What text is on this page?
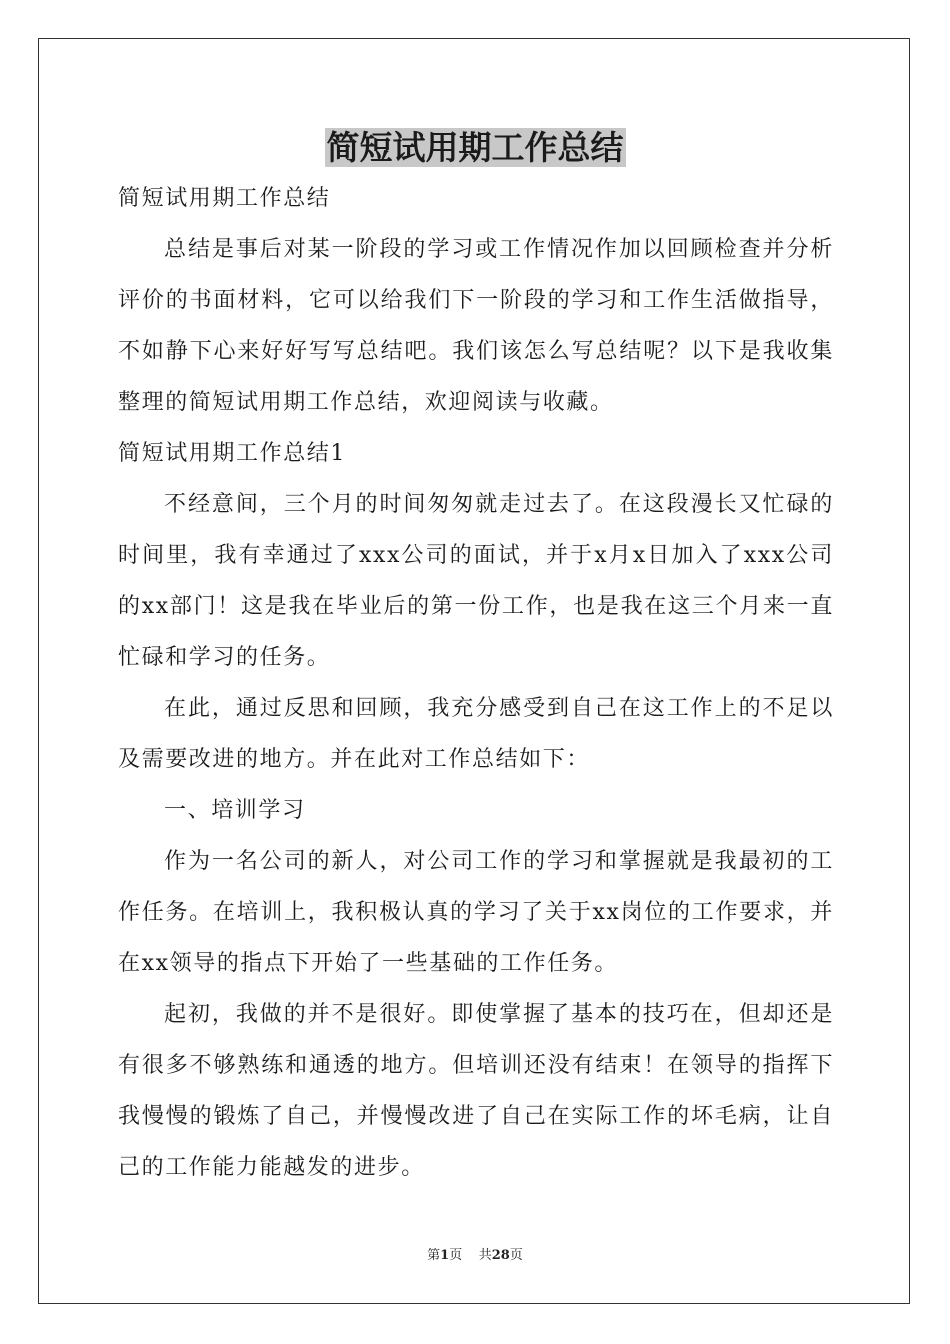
简短试用期工作总结

简短试用期工作总结

总结是事后对某一阶段的学习或工作情况作加以回顾检查并分析评价的书面材料，它可以给我们下一阶段的学习和工作生活做指导，不如静下心来好好写写总结吧。我们该怎么写总结呢？以下是我收集整理的简短试用期工作总结，欢迎阅读与收藏。

简短试用期工作总结1

不经意间，三个月的时间匆匆就走过去了。在这段漫长又忙碌的时间里，我有幸通过了xxx公司的面试，并于x月x日加入了xxx公司的xx部门！这是我在毕业后的第一份工作，也是我在这三个月来一直忙碌和学习的任务。

在此，通过反思和回顾，我充分感受到自己在这工作上的不足以及需要改进的地方。并在此对工作总结如下：

一、培训学习

作为一名公司的新人，对公司工作的学习和掌握就是我最初的工作任务。在培训上，我积极认真的学习了关于xx岗位的工作要求，并在xx领导的指点下开始了一些基础的工作任务。

起初，我做的并不是很好。即使掌握了基本的技巧在，但却还是有很多不够熟练和通透的地方。但培训还没有结束！在领导的指挥下我慢慢的锻炼了自己，并慢慢改进了自己在实际工作的坏毛病，让自己的工作能力能越发的进步。

第1页 共28页
